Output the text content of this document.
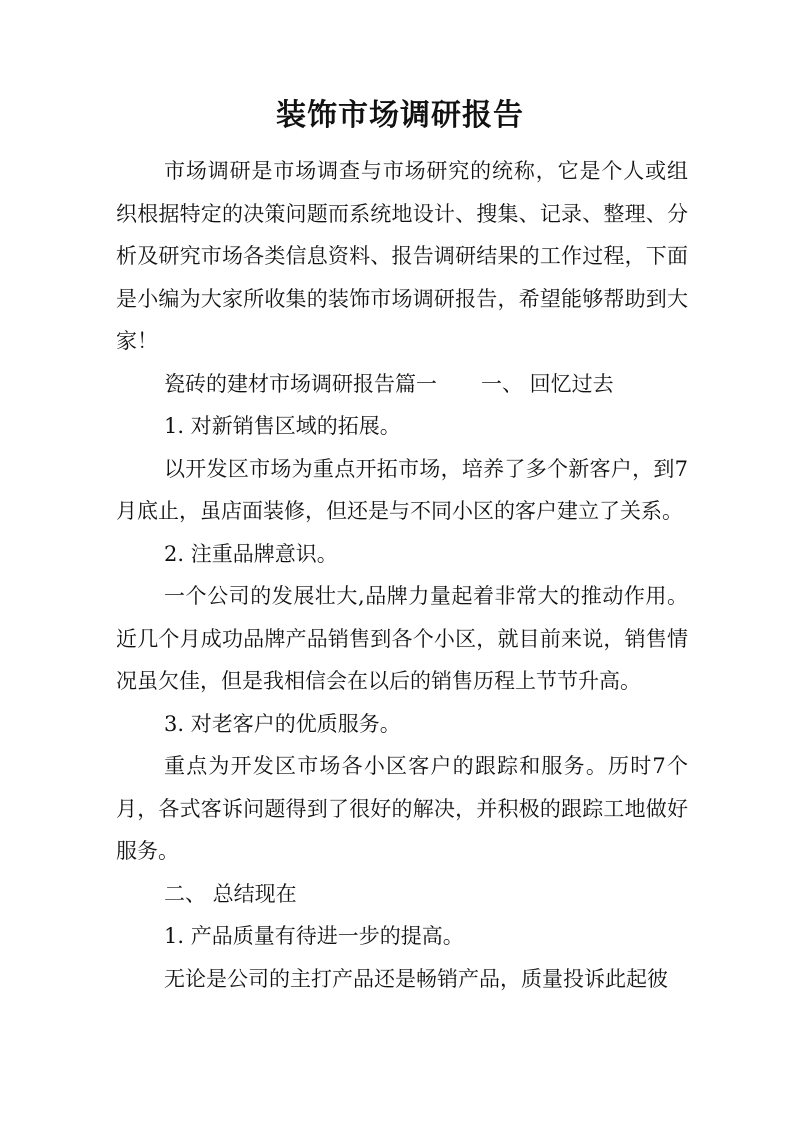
装饰市场调研报告

市场调研是市场调查与市场研究的统称，它是个人或组织根据特定的决策问题而系统地设计、搜集、记录、整理、分析及研究市场各类信息资料、报告调研结果的工作过程，下面是小编为大家所收集的装饰市场调研报告，希望能够帮助到大家！

瓷砖的建材市场调研报告篇一 一、 回忆过去

1. 对新销售区域的拓展。

以开发区市场为重点开拓市场，培养了多个新客户，到7月底止，虽店面装修，但还是与不同小区的客户建立了关系。

2. 注重品牌意识。

一个公司的发展壮大,品牌力量起着非常大的推动作用。近几个月成功品牌产品销售到各个小区，就目前来说，销售情况虽欠佳，但是我相信会在以后的销售历程上节节升高。

3. 对老客户的优质服务。

重点为开发区市场各小区客户的跟踪和服务。历时7个月，各式客诉问题得到了很好的解决，并积极的跟踪工地做好服务。

二、 总结现在

1. 产品质量有待进一步的提高。

无论是公司的主打产品还是畅销产品，质量投诉此起彼
